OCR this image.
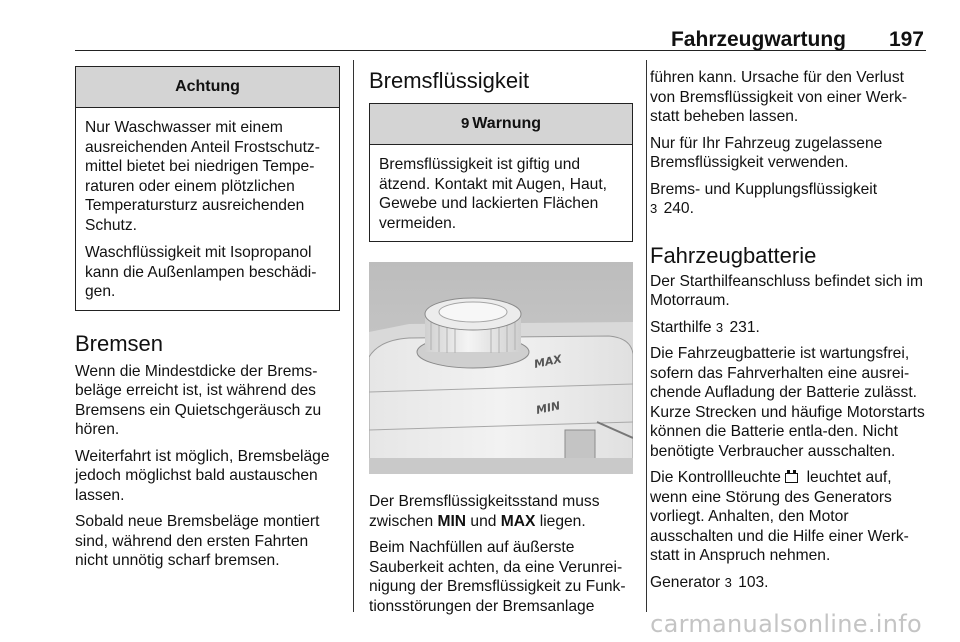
Fahrzeugwartung 197
Achtung

Nur Waschwasser mit einem ausreichenden Anteil Frostschutz-mittel bietet bei niedrigen Tempe-raturen oder einem plötzlichen Temperatursturz ausreichenden Schutz.

Waschflüssigkeit mit Isopropanol kann die Außenlampen beschädi-gen.

Bremsen

Wenn die Mindestdicke der Brems-beläge erreicht ist, ist während des Bremsens ein Quietschgeräusch zu hören.

Weiterfahrt ist möglich, Bremsbeläge jedoch möglichst bald austauschen lassen.

Sobald neue Bremsbeläge montiert sind, während den ersten Fahrten nicht unnötig scharf bremsen.

Bremsflüssigkeit
9 Warnung

Bremsflüssigkeit ist giftig und ätzend. Kontakt mit Augen, Haut, Gewebe und lackierten Flächen vermeiden.

MAX
MIN

Der Bremsflüssigkeitsstand muss zwischen MIN und MAX liegen.

Beim Nachfüllen auf äußerste Sauberkeit achten, da eine Verunrei-nigung der Bremsflüssigkeit zu Funk-tionsstörungen der Bremsanlage

führen kann. Ursache für den Verlust von Bremsflüssigkeit von einer Werk-statt beheben lassen.

Nur für Ihr Fahrzeug zugelassene Bremsflüssigkeit verwenden.

Brems- und Kupplungsflüssigkeit
3 240.

Fahrzeugbatterie

Der Starthilfeanschluss befindet sich im Motorraum.

Starthilfe 3 231.

Die Fahrzeugbatterie ist wartungsfrei, sofern das Fahrverhalten eine ausrei-chende Aufladung der Batterie zulässt. Kurze Strecken und häufige Motorstarts können die Batterie entla-den. Nicht benötigte Verbraucher ausschalten.

Die Kontrollleuchte  leuchtet auf, wenn eine Störung des Generators vorliegt. Anhalten, den Motor ausschalten und die Hilfe einer Werk-statt in Anspruch nehmen.

Generator 3 103.

carmanualsonline.info
